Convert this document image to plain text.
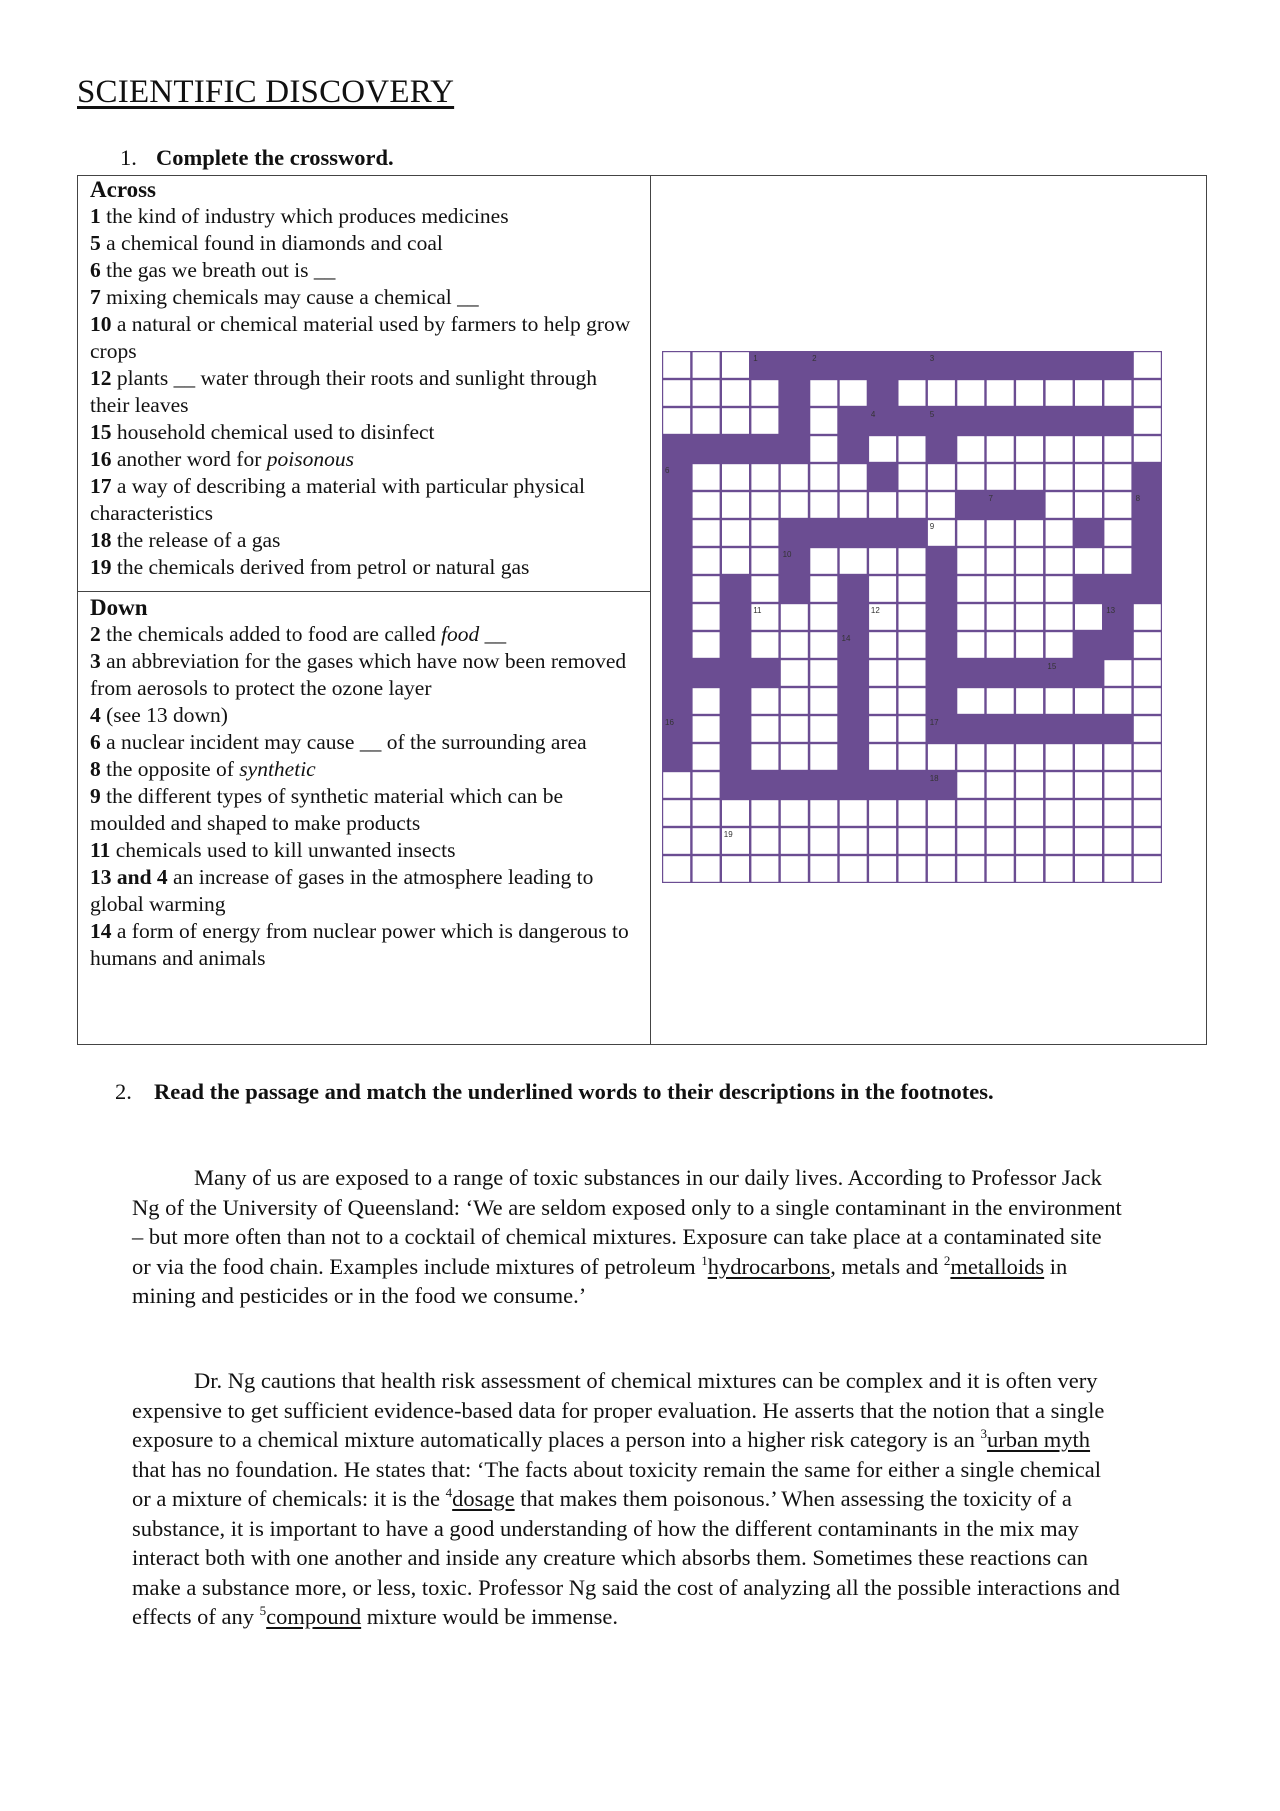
SCIENTIFIC DISCOVERY
1. Complete the crossword.
Across
1 the kind of industry which produces medicines
5 a chemical found in diamonds and coal
6 the gas we breath out is __
7 mixing chemicals may cause a chemical __
10 a natural or chemical material used by farmers to help grow crops
12 plants __ water through their roots and sunlight through their leaves
15 household chemical used to disinfect
16 another word for poisonous
17 a way of describing a material with particular physical characteristics
18 the release of a gas
19 the chemicals derived from petrol or natural gas
Down
2 the chemicals added to food are called food __
3 an abbreviation for the gases which have now been removed from aerosols to protect the ozone layer
4 (see 13 down)
6 a nuclear incident may cause __ of the surrounding area
8 the opposite of synthetic
9 the different types of synthetic material which can be moulded and shaped to make products
11 chemicals used to kill unwanted insects
13 and 4 an increase of gases in the atmosphere leading to global warming
14 a form of energy from nuclear power which is dangerous to humans and animals
1	2	3
4	5
6
7	8
9
10
11	12	13
14
15
16	17
18
19
2. Read the passage and match the underlined words to their descriptions in the footnotes.

Many of us are exposed to a range of toxic substances in our daily lives. According to Professor Jack Ng of the University of Queensland: ‘We are seldom exposed only to a single contaminant in the environment – but more often than not to a cocktail of chemical mixtures. Exposure can take place at a contaminated site or via the food chain. Examples include mixtures of petroleum $^1$hydrocarbons, metals and $^2$metalloids in mining and pesticides or in the food we consume.’

Dr. Ng cautions that health risk assessment of chemical mixtures can be complex and it is often very expensive to get sufficient evidence-based data for proper evaluation. He asserts that the notion that a single exposure to a chemical mixture automatically places a person into a higher risk category is an $^3$urban myth that has no foundation. He states that: ‘The facts about toxicity remain the same for either a single chemical or a mixture of chemicals: it is the $^4$dosage that makes them poisonous.’ When assessing the toxicity of a substance, it is important to have a good understanding of how the different contaminants in the mix may interact both with one another and inside any creature which absorbs them. Sometimes these reactions can make a substance more, or less, toxic. Professor Ng said the cost of analyzing all the possible interactions and effects of any $^5$compound mixture would be immense.
